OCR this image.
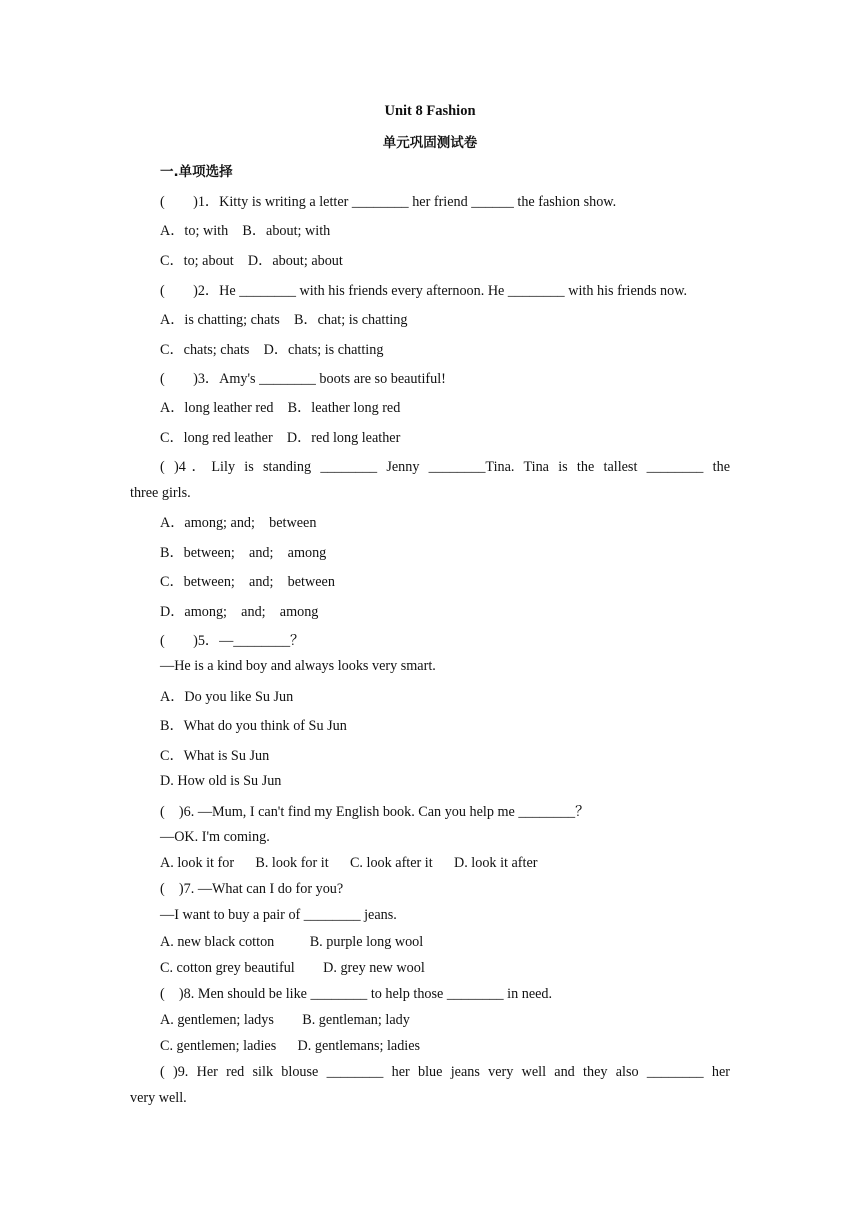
Unit 8 Fashion
单元巩固测试卷
一.单项选择
(        )1．Kitty is writing a letter ________ her friend ______ the fashion show.
A．to; with    B．about; with
C．to; about    D．about; about
(        )2．He ________ with his friends every afternoon. He ________ with his friends now.
A．is chatting; chats    B．chat; is chatting
C．chats; chats    D．chats; is chatting
(        )3．Amy's ________ boots are so beautiful!
A．long leather red    B．leather long red
C．long red leather    D．red long leather
( )4．Lily is standing ________ Jenny ________Tina. Tina is the tallest ________ the
three girls.
A．among; and;    between
B．between;    and;    among
C．between;    and;    between
D．among;    and;    among
(        )5．—________？
—He is a kind boy and always looks very smart.
A．Do you like Su Jun
B．What do you think of Su Jun
C．What is Su Jun
D. How old is Su Jun
(    )6. —Mum, I can't find my English book. Can you help me ________？
—OK. I'm coming.
A. look it for      B. look for it      C. look after it      D. look it after
(    )7. —What can I do for you?
—I want to buy a pair of ________ jeans.
A. new black cotton          B. purple long wool
C. cotton grey beautiful        D. grey new wool
(    )8. Men should be like ________ to help those ________ in need.
A. gentlemen; ladys        B. gentleman; lady
C. gentlemen; ladies      D. gentlemans; ladies
( )9. Her red silk blouse ________ her blue jeans very well and they also ________ her
very well.
